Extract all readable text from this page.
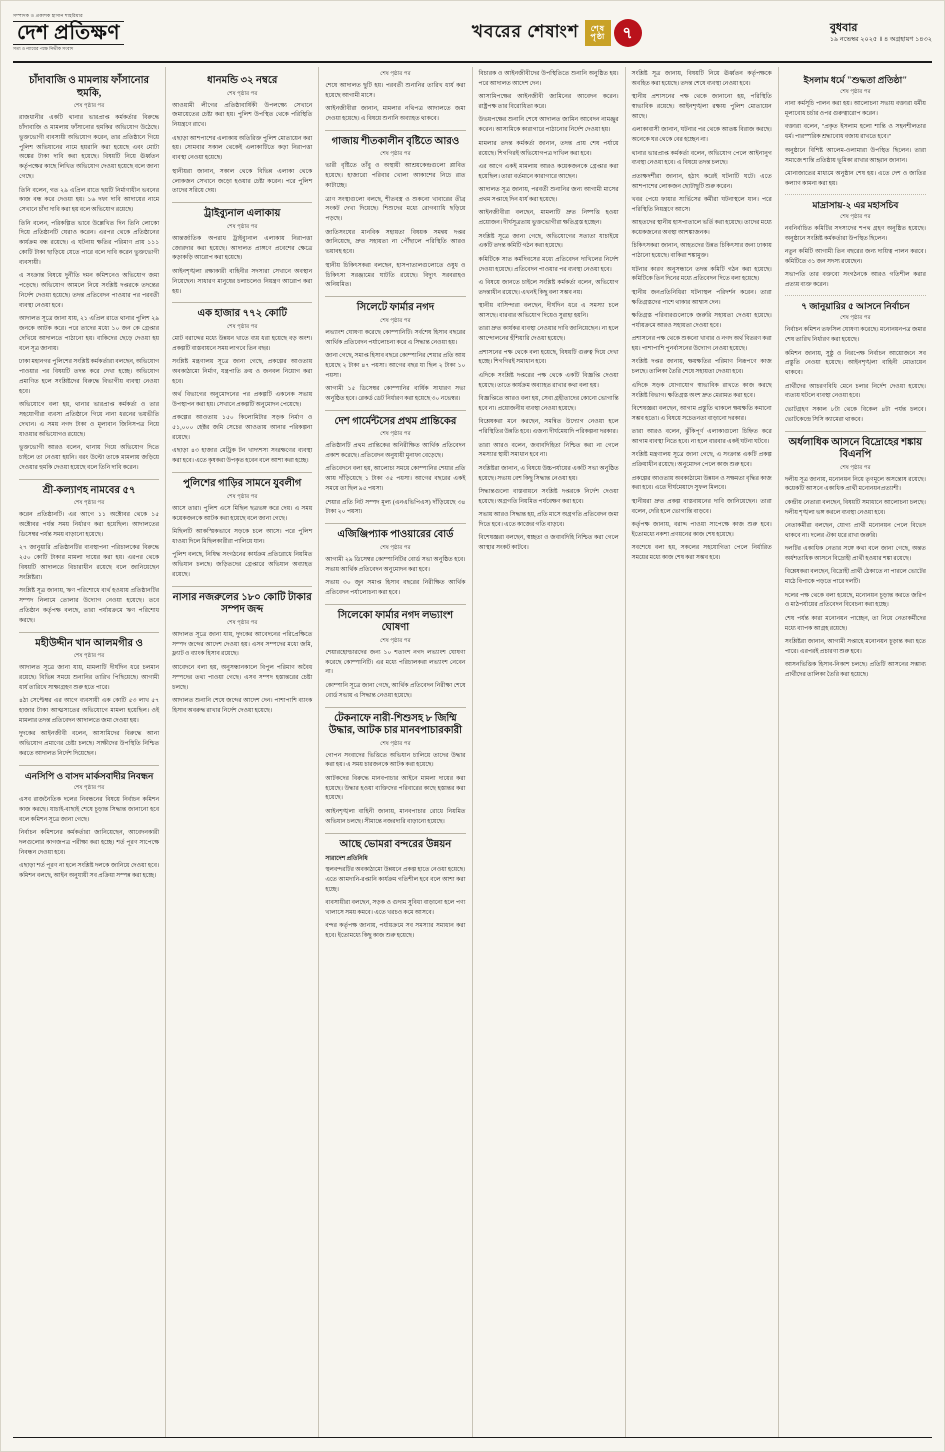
সম্পাদক ও প্রকাশক হাসান শাহরিয়ার
দেশ প্রতিক্ষণ
সত্য ও ন্যায়ের পক্ষে নির্ভীক সংবাদ
খবরের শেষাংশ	শেষ পৃষ্ঠা	৭	বুধবার
১৯ নভেম্বর ২০২৫ ॥ ৪ অগ্রহায়ণ ১৪৩২
চাঁদাবাজি ও মামলায় ফাঁসানোর হুমকি,
শেষ পৃষ্ঠার পর

রাজধানীর একটি থানার ভারপ্রাপ্ত কর্মকর্তার বিরুদ্ধে চাঁদাবাজি ও মামলায় ফাঁসানোর হুমকির অভিযোগ উঠেছে। ভুক্তভোগী ব্যবসায়ী অভিযোগ করেন, তার প্রতিষ্ঠানে গিয়ে পুলিশ অভিযানের নামে হয়রানি করা হয়েছে এবং মোটা অঙ্কের টাকা দাবি করা হয়েছে। বিষয়টি নিয়ে ঊর্ধ্বতন কর্তৃপক্ষের কাছে লিখিত অভিযোগ দেওয়া হয়েছে বলে জানা গেছে।

তিনি বলেন, গত ২৯ এপ্রিল রাতে ছয়টি নির্মাণাধীন ভবনের কাজ বন্ধ করে দেওয়া হয়। ১৬ দফা দাবি আদায়ের নামে সেখানে চাঁদা দাবি করা হয় বলে অভিযোগ রয়েছে।

তিনি বলেন, পরিকল্পিত ভাবে উল্লেখিত দিন তিনি লোকো দিয়ে প্রতিষ্ঠানটি ঘেরাও করেন। এরপর থেকে প্রতিষ্ঠানের কার্যক্রম বন্ধ রয়েছে। এ ঘটনায় ক্ষতির পরিমাণ প্রায় ১১১ কোটি টাকা ছাড়িয়ে যেতে পারে বলে দাবি করেন ভুক্তভোগী ব্যবসায়ী।

এ সংক্রান্ত বিষয়ে দুর্নীতি দমন কমিশনেও অভিযোগ জমা পড়েছে। অভিযোগ আমলে নিয়ে সংশ্লিষ্ট দপ্তরকে তদন্তের নির্দেশ দেওয়া হয়েছে। তদন্ত প্রতিবেদন পাওয়ার পর পরবর্তী ব্যবস্থা নেওয়া হবে।

আদালত সূত্রে জানা যায়, ২১ এপ্রিল রাতে থানার পুলিশ ২৯ জনকে আটক করে। পরে তাদের মধ্যে ১০ জন কে গ্রেপ্তার দেখিয়ে আদালতে পাঠানো হয়। বাকিদের ছেড়ে দেওয়া হয় বলে সূত্র জানায়।

ঢাকা মহানগর পুলিশের সংশ্লিষ্ট কর্মকর্তারা বলছেন, অভিযোগ পাওয়ার পর বিষয়টি তদন্ত করে দেখা হচ্ছে। অভিযোগ প্রমাণিত হলে সংশ্লিষ্টদের বিরুদ্ধে বিভাগীয় ব্যবস্থা নেওয়া হবে।

অভিযোগে বলা হয়, থানার ভারপ্রাপ্ত কর্মকর্তা ও তার সহযোগীরা ব্যবসা প্রতিষ্ঠানে গিয়ে নানা ধরনের ভয়ভীতি দেখান। এ সময় নগদ টাকা ও মূল্যবান জিনিসপত্র নিয়ে যাওয়ার অভিযোগও রয়েছে।

ভুক্তভোগী আরও বলেন, থানায় গিয়ে অভিযোগ দিতে চাইলে তা নেওয়া হয়নি। বরং উল্টো তাকে মামলায় জড়িয়ে দেওয়ার হুমকি দেওয়া হয়েছে বলে তিনি দাবি করেন।

শ্রী-কল্যাণহ নামবের ৫৭
শেষ পৃষ্ঠার পর

করেন প্রতিষ্ঠানটি। এর আগে ১১ অক্টোবর থেকে ১৫ অক্টোবর পর্যন্ত সময় নির্ধারণ করা হয়েছিল। আদালতের ডিসেম্বর পর্যন্ত সময় বাড়ানো হয়েছে।

২৭ জানুয়ারি প্রতিষ্ঠানটির ব্যবস্থাপনা পরিচালকের বিরুদ্ধে ২৫০ কোটি টাকার মামলা দায়ের করা হয়। এরপর থেকে বিষয়টি আদালতে বিচারাধীন রয়েছে বলে জানিয়েছেন সংশ্লিষ্টরা।

সংশ্লিষ্ট সূত্র জানায়, ঋণ পরিশোধে ব্যর্থ হওয়ায় প্রতিষ্ঠানটির সম্পদ নিলামে তোলার উদ্যোগ নেওয়া হয়েছে। তবে প্রতিষ্ঠান কর্তৃপক্ষ বলছে, তারা পর্যায়ক্রমে ঋণ পরিশোধ করছে।

মহীউদ্দীন খান আলমগীর ও
শেষ পৃষ্ঠার পর

আদালত সূত্রে জানা যায়, মামলাটি দীর্ঘদিন ধরে চলমান রয়েছে। বিভিন্ন সময়ে শুনানির তারিখ পিছিয়েছে। আগামী ধার্য তারিখে সাক্ষ্যগ্রহণ শুরু হতে পারে।

৪ঠা সেপ্টেম্বর এর আগে ব্যবসায়ী এক কোটি ৫৩ লাখ ৫৭ হাজার টাকা আত্মসাতের অভিযোগে মামলা হয়েছিল। ওই মামলার তদন্ত প্রতিবেদন আদালতে জমা দেওয়া হয়।

দুদকের আইনজীবী বলেন, আসামিদের বিরুদ্ধে আনা অভিযোগ প্রমাণের চেষ্টা চলছে। সাক্ষীদের উপস্থিতি নিশ্চিত করতে আদালত নির্দেশ দিয়েছেন।

এনসিপি ও বাসদ মার্কসবাদীর নিবন্ধন
শেষ পৃষ্ঠার পর

এসব রাজনৈতিক দলের নিবন্ধনের বিষয়ে নির্বাচন কমিশন কাজ করছে। যাচাই-বাছাই শেষে চূড়ান্ত সিদ্ধান্ত জানানো হবে বলে কমিশন সূত্রে জানা গেছে।

নির্বাচন কমিশনের কর্মকর্তারা জানিয়েছেন, আবেদনকারী দলগুলোর কাগজপত্র পরীক্ষা করা হচ্ছে। শর্ত পূরণ সাপেক্ষে নিবন্ধন দেওয়া হবে।

এছাড়া শর্ত পূরণ না হলে সংশ্লিষ্ট দলকে জানিয়ে দেওয়া হবে। কমিশন বলছে, আইন অনুযায়ী সব প্রক্রিয়া সম্পন্ন করা হচ্ছে।

ধানমন্ডি ৩২ নম্বরে
শেষ পৃষ্ঠার পর

আওয়ামী লীগের প্রতিষ্ঠাবার্ষিকী উপলক্ষ্যে সেখানে জমায়েতের চেষ্টা করা হয়। পুলিশ উপস্থিত থেকে পরিস্থিতি নিয়ন্ত্রণে রাখে।

এছাড়া আশপাশের এলাকায় অতিরিক্ত পুলিশ মোতায়েন করা হয়। সোমবার সকাল থেকেই এলাকাটিতে কড়া নিরাপত্তা ব্যবস্থা নেওয়া হয়েছে।

স্থানীয়রা জানান, সকাল থেকে বিভিন্ন এলাকা থেকে লোকজন সেখানে জড়ো হওয়ার চেষ্টা করেন। পরে পুলিশ তাদের সরিয়ে দেয়।

ট্রাইব্যুনাল এলাকায়
শেষ পৃষ্ঠার পর

আন্তর্জাতিক অপরাধ ট্রাইব্যুনাল এলাকায় নিরাপত্তা জোরদার করা হয়েছে। আদালত প্রাঙ্গণে প্রবেশের ক্ষেত্রে কড়াকড়ি আরোপ করা হয়েছে।

আইনশৃঙ্খলা রক্ষাকারী বাহিনীর সদস্যরা সেখানে অবস্থান নিয়েছেন। সাধারণ মানুষের চলাচলেও নিয়ন্ত্রণ আরোপ করা হয়।

এক হাজার ৭৭২ কোটি
শেষ পৃষ্ঠার পর

মোট বরাদ্দের মধ্যে উন্নয়ন খাতে ব্যয় ধরা হয়েছে বড় অংশ। প্রকল্পটি বাস্তবায়নে সময় লাগবে তিন বছর।

সংশ্লিষ্ট মন্ত্রণালয় সূত্রে জানা গেছে, প্রকল্পের আওতায় অবকাঠামো নির্মাণ, যন্ত্রপাতি ক্রয় ও জনবল নিয়োগ করা হবে।

অর্থ বিভাগের অনুমোদনের পর প্রকল্পটি একনেক সভায় উপস্থাপন করা হয়। সেখানে প্রকল্পটি অনুমোদন পেয়েছে।

প্রকল্পের আওতায় ১৫০ কিলোমিটার সড়ক নির্মাণ ও ৫১,০০০ হেক্টর জমি সেচের আওতায় আনার পরিকল্পনা রয়েছে।

এছাড়া ৪৩ হাজার মেট্রিক টন খাদ্যশস্য সংরক্ষণের ব্যবস্থা করা হবে। এতে কৃষকরা উপকৃত হবেন বলে আশা করা হচ্ছে।

পুলিশের গাড়ির সামনে যুবলীগ
শেষ পৃষ্ঠার পর

আসে তারা। পুলিশ এসে মিছিল ছত্রভঙ্গ করে দেয়। এ সময় কয়েকজনকে আটক করা হয়েছে বলে জানা গেছে।

মিছিলটি আকস্মিকভাবে সড়কে চলে আসে। পরে পুলিশ ধাওয়া দিলে মিছিলকারীরা পালিয়ে যান।

পুলিশ বলছে, নিষিদ্ধ সংগঠনের কার্যক্রম প্রতিরোধে নিয়মিত অভিযান চলছে। জড়িতদের গ্রেপ্তারে অভিযান অব্যাহত রয়েছে।

নাসার নজরুলের ১৮০ কোটি টাকার সম্পদ জব্দ
শেষ পৃষ্ঠার পর

আদালত সূত্রে জানা যায়, দুদকের আবেদনের পরিপ্রেক্ষিতে সম্পদ জব্দের আদেশ দেওয়া হয়। এসব সম্পদের মধ্যে জমি, ফ্ল্যাট ও ব্যাংক হিসাব রয়েছে।

আবেদনে বলা হয়, অনুসন্ধানকালে বিপুল পরিমাণ অবৈধ সম্পদের তথ্য পাওয়া গেছে। এসব সম্পদ হস্তান্তরের চেষ্টা চলছে।

আদালত শুনানি শেষে জব্দের আদেশ দেন। পাশাপাশি ব্যাংক হিসাব অবরুদ্ধ রাখার নির্দেশ দেওয়া হয়েছে।

শেষ পৃষ্ঠার পর

শেষে আদালত ছুটি হয়। পরবর্তী শুনানির তারিখ ধার্য করা হয়েছে আগামী মাসে।

আইনজীবীরা জানান, মামলার নথিপত্র আদালতে জমা দেওয়া হয়েছে। এ বিষয়ে শুনানি অব্যাহত থাকবে।

গাজায় শীতকালীন বৃষ্টিতে আরও
শেষ পৃষ্ঠার পর

ভারী বৃষ্টিতে তাঁবু ও অস্থায়ী আশ্রয়কেন্দ্রগুলো প্লাবিত হয়েছে। হাজারো পরিবার খোলা আকাশের নিচে রাত কাটাচ্ছে।

ত্রাণ সংস্থাগুলো বলছে, শীতবস্ত্র ও শুকনো খাবারের তীব্র সংকট দেখা দিয়েছে। শিশুদের মধ্যে রোগব্যাধি ছড়িয়ে পড়ছে।

জাতিসংঘের মানবিক সহায়তা বিষয়ক সমন্বয় দপ্তর জানিয়েছে, দ্রুত সহায়তা না পৌঁছালে পরিস্থিতি আরও ভয়াবহ হবে।

স্থানীয় চিকিৎসকরা বলছেন, হাসপাতালগুলোতে ওষুধ ও চিকিৎসা সরঞ্জামের ঘাটতি রয়েছে। বিদ্যুৎ সরবরাহও অনিয়মিত।

সিলেটে ফার্মার নগদ
শেষ পৃষ্ঠার পর

লভ্যাংশ ঘোষণা করেছে কোম্পানিটি। সর্বশেষ হিসাব বছরের আর্থিক প্রতিবেদন পর্যালোচনা করে এ সিদ্ধান্ত নেওয়া হয়।

জানা গেছে, সমাপ্ত হিসাব বছরে কোম্পানির শেয়ার প্রতি আয় হয়েছে ২ টাকা ৪৭ পয়সা। আগের বছর যা ছিল ২ টাকা ১০ পয়সা।

আগামী ১৫ ডিসেম্বর কোম্পানির বার্ষিক সাধারণ সভা অনুষ্ঠিত হবে। রেকর্ড ডেট নির্ধারণ করা হয়েছে ৩০ নভেম্বর।

দেশ গার্মেন্টসের প্রথম প্রান্তিকের
শেষ পৃষ্ঠার পর

প্রতিষ্ঠানটি প্রথম প্রান্তিকের অনিরীক্ষিত আর্থিক প্রতিবেদন প্রকাশ করেছে। প্রতিবেদন অনুযায়ী মুনাফা বেড়েছে।

প্রতিবেদনে বলা হয়, আলোচ্য সময়ে কোম্পানির শেয়ার প্রতি আয় দাঁড়িয়েছে ১ টাকা ৩৫ পয়সা। আগের বছরের একই সময়ে তা ছিল ৯৫ পয়সা।

শেয়ার প্রতি নিট সম্পদ মূল্য (এনএভিপিএস) দাঁড়িয়েছে ৩৪ টাকা ২০ পয়সা।

এজিঞ্জিপ্যাক পাওয়ারের বোর্ড
শেষ পৃষ্ঠার পর

আগামী ২৯ ডিসেম্বর কোম্পানিটির বোর্ড সভা অনুষ্ঠিত হবে। সভায় আর্থিক প্রতিবেদন অনুমোদন করা হবে।

সভায় ৩০ জুন সমাপ্ত হিসাব বছরের নিরীক্ষিত আর্থিক প্রতিবেদন পর্যালোচনা করা হবে।

সিলেকো ফার্মার নগদ লভ্যাংশ ঘোষণা
শেষ পৃষ্ঠার পর

শেয়ারহোল্ডারদের জন্য ১০ শতাংশ নগদ লভ্যাংশ ঘোষণা করেছে কোম্পানিটি। এর মধ্যে পরিচালকরা লভ্যাংশ নেবেন না।

কোম্পানি সূত্রে জানা গেছে, আর্থিক প্রতিবেদন নিরীক্ষা শেষে বোর্ড সভায় এ সিদ্ধান্ত নেওয়া হয়েছে।

টেকনাফে নারী-শিশুসহ ৮ জিম্মি উদ্ধার, আটক চার মানবপাচারকারী
শেষ পৃষ্ঠার পর

গোপন সংবাদের ভিত্তিতে অভিযান চালিয়ে তাদের উদ্ধার করা হয়। এ সময় চারজনকে আটক করা হয়েছে।

আটকদের বিরুদ্ধে মানবপাচার আইনে মামলা দায়ের করা হয়েছে। উদ্ধার হওয়া ব্যক্তিদের পরিবারের কাছে হস্তান্তর করা হয়েছে।

আইনশৃঙ্খলা বাহিনী জানায়, মানবপাচার রোধে নিয়মিত অভিযান চলছে। সীমান্তে নজরদারি বাড়ানো হয়েছে।

আছে ভোমরা বন্দরের উন্নয়ন
সারাদেশ প্রতিনিধি

স্থলবন্দরটির অবকাঠামো উন্নয়নে প্রকল্প হাতে নেওয়া হয়েছে। এতে আমদানি-রপ্তানি কার্যক্রম গতিশীল হবে বলে আশা করা হচ্ছে।

ব্যবসায়ীরা বলছেন, সড়ক ও গুদাম সুবিধা বাড়ানো হলে পণ্য খালাসে সময় কমবে। এতে খরচও কমে আসবে।

বন্দর কর্তৃপক্ষ জানায়, পর্যায়ক্রমে সব সমস্যার সমাধান করা হবে। ইতোমধ্যে কিছু কাজ শুরু হয়েছে।

বিচারক ও আইনজীবীদের উপস্থিতিতে শুনানি অনুষ্ঠিত হয়। পরে আদালত আদেশ দেন।

আসামিপক্ষের আইনজীবী জামিনের আবেদন করেন। রাষ্ট্রপক্ষ তার বিরোধিতা করে।

উভয়পক্ষের শুনানি শেষে আদালত জামিন আবেদন নামঞ্জুর করেন। আসামিকে কারাগারে পাঠানোর নির্দেশ দেওয়া হয়।

মামলার তদন্ত কর্মকর্তা জানান, তদন্ত প্রায় শেষ পর্যায়ে রয়েছে। শিগগিরই অভিযোগপত্র দাখিল করা হবে।

এর আগে একই মামলায় আরও কয়েকজনকে গ্রেপ্তার করা হয়েছিল। তারা বর্তমানে কারাগারে আছেন।

আদালত সূত্র জানায়, পরবর্তী শুনানির জন্য আগামী মাসের প্রথম সপ্তাহে দিন ধার্য করা হয়েছে।

আইনজীবীরা বলছেন, মামলাটি দ্রুত নিষ্পত্তি হওয়া প্রয়োজন। দীর্ঘসূত্রতায় ভুক্তভোগীরা ক্ষতিগ্রস্ত হচ্ছেন।

সংশ্লিষ্ট সূত্রে জানা গেছে, অভিযোগের সত্যতা যাচাইয়ে একটি তদন্ত কমিটি গঠন করা হয়েছে।

কমিটিকে সাত কর্মদিবসের মধ্যে প্রতিবেদন দাখিলের নির্দেশ দেওয়া হয়েছে। প্রতিবেদন পাওয়ার পর ব্যবস্থা নেওয়া হবে।

এ বিষয়ে জানতে চাইলে সংশ্লিষ্ট কর্মকর্তা বলেন, অভিযোগ তদন্তাধীন রয়েছে। এখনই কিছু বলা সম্ভব নয়।

স্থানীয় বাসিন্দারা বলছেন, দীর্ঘদিন ধরে এ সমস্যা চলে আসছে। বারবার অভিযোগ দিয়েও সুরাহা হয়নি।

তারা দ্রুত কার্যকর ব্যবস্থা নেওয়ার দাবি জানিয়েছেন। না হলে আন্দোলনের হুঁশিয়ারি দেওয়া হয়েছে।

প্রশাসনের পক্ষ থেকে বলা হয়েছে, বিষয়টি গুরুত্ব দিয়ে দেখা হচ্ছে। শিগগিরই সমাধান হবে।

এদিকে সংশ্লিষ্ট দপ্তরের পক্ষ থেকে একটি বিজ্ঞপ্তি দেওয়া হয়েছে। তাতে কার্যক্রম অব্যাহত রাখার কথা বলা হয়।

বিজ্ঞপ্তিতে আরও বলা হয়, সেবা গ্রহীতাদের কোনো ভোগান্তি হবে না। প্রয়োজনীয় ব্যবস্থা নেওয়া হয়েছে।

বিশ্লেষকরা মনে করছেন, সমন্বিত উদ্যোগ নেওয়া হলে পরিস্থিতির উন্নতি হবে। এজন্য দীর্ঘমেয়াদি পরিকল্পনা দরকার।

তারা আরও বলেন, জবাবদিহিতা নিশ্চিত করা না গেলে সমস্যার স্থায়ী সমাধান হবে না।

সংশ্লিষ্টরা জানান, এ বিষয়ে উচ্চপর্যায়ের একটি সভা অনুষ্ঠিত হয়েছে। সভায় বেশ কিছু সিদ্ধান্ত নেওয়া হয়।

সিদ্ধান্তগুলো বাস্তবায়নে সংশ্লিষ্ট দপ্তরকে নির্দেশ দেওয়া হয়েছে। অগ্রগতি নিয়মিত পর্যবেক্ষণ করা হবে।

সভায় আরও সিদ্ধান্ত হয়, প্রতি মাসে অগ্রগতি প্রতিবেদন জমা দিতে হবে। এতে কাজের গতি বাড়বে।

বিশেষজ্ঞরা বলছেন, স্বচ্ছতা ও জবাবদিহি নিশ্চিত করা গেলে আস্থার সংকট কাটবে।

সংশ্লিষ্ট সূত্র জানায়, বিষয়টি নিয়ে ঊর্ধ্বতন কর্তৃপক্ষকে অবহিত করা হয়েছে। তদন্ত শেষে ব্যবস্থা নেওয়া হবে।

স্থানীয় প্রশাসনের পক্ষ থেকে জানানো হয়, পরিস্থিতি স্বাভাবিক রয়েছে। আইনশৃঙ্খলা রক্ষায় পুলিশ মোতায়েন আছে।

এলাকাবাসী জানান, ঘটনার পর থেকে আতঙ্ক বিরাজ করছে। অনেকে ঘর থেকে বের হচ্ছেন না।

থানার ভারপ্রাপ্ত কর্মকর্তা বলেন, অভিযোগ পেলে আইনানুগ ব্যবস্থা নেওয়া হবে। এ বিষয়ে তদন্ত চলছে।

প্রত্যক্ষদর্শীরা জানান, হঠাৎ করেই ঘটনাটি ঘটে। এতে আশপাশের লোকজন ছোটাছুটি শুরু করেন।

খবর পেয়ে ফায়ার সার্ভিসের কর্মীরা ঘটনাস্থলে যান। পরে পরিস্থিতি নিয়ন্ত্রণে আসে।

আহতদের স্থানীয় হাসপাতালে ভর্তি করা হয়েছে। তাদের মধ্যে কয়েকজনের অবস্থা আশঙ্কাজনক।

চিকিৎসকরা জানান, আহতদের উন্নত চিকিৎসার জন্য ঢাকায় পাঠানো হয়েছে। বাকিরা শঙ্কামুক্ত।

ঘটনার কারণ অনুসন্ধানে তদন্ত কমিটি গঠন করা হয়েছে। কমিটিকে তিন দিনের মধ্যে প্রতিবেদন দিতে বলা হয়েছে।

স্থানীয় জনপ্রতিনিধিরা ঘটনাস্থল পরিদর্শন করেন। তারা ক্ষতিগ্রস্তদের পাশে থাকার আশ্বাস দেন।

ক্ষতিগ্রস্ত পরিবারগুলোকে জরুরি সহায়তা দেওয়া হয়েছে। পর্যায়ক্রমে আরও সহায়তা দেওয়া হবে।

প্রশাসনের পক্ষ থেকে শুকনো খাবার ও নগদ অর্থ বিতরণ করা হয়। পাশাপাশি পুনর্বাসনের উদ্যোগ নেওয়া হয়েছে।

সংশ্লিষ্ট দপ্তর জানায়, ক্ষয়ক্ষতির পরিমাণ নিরূপণে কাজ চলছে। তালিকা তৈরি শেষে সহায়তা দেওয়া হবে।

এদিকে সড়ক যোগাযোগ স্বাভাবিক রাখতে কাজ করছে সংশ্লিষ্ট বিভাগ। ক্ষতিগ্রস্ত অংশ দ্রুত মেরামত করা হবে।

বিশেষজ্ঞরা বলছেন, আগাম প্রস্তুতি থাকলে ক্ষয়ক্ষতি কমানো সম্ভব হতো। এ বিষয়ে সচেতনতা বাড়ানো দরকার।

তারা আরও বলেন, ঝুঁকিপূর্ণ এলাকাগুলো চিহ্নিত করে আগাম ব্যবস্থা নিতে হবে। না হলে বারবার একই ঘটনা ঘটবে।

সংশ্লিষ্ট মন্ত্রণালয় সূত্রে জানা গেছে, এ সংক্রান্ত একটি প্রকল্প প্রক্রিয়াধীন রয়েছে। অনুমোদন পেলে কাজ শুরু হবে।

প্রকল্পের আওতায় অবকাঠামো উন্নয়ন ও সক্ষমতা বৃদ্ধির কাজ করা হবে। এতে দীর্ঘমেয়াদে সুফল মিলবে।

স্থানীয়রা দ্রুত প্রকল্প বাস্তবায়নের দাবি জানিয়েছেন। তারা বলেন, দেরি হলে ভোগান্তি বাড়বে।

কর্তৃপক্ষ জানায়, বরাদ্দ পাওয়া সাপেক্ষে কাজ শুরু হবে। ইতোমধ্যে নকশা প্রণয়নের কাজ শেষ হয়েছে।

সবশেষে বলা হয়, সকলের সহযোগিতা পেলে নির্ধারিত সময়ের মধ্যে কাজ শেষ করা সম্ভব হবে।

ইসলাম ধর্মে "শুদ্ধতা প্রতিষ্ঠা"
শেষ পৃষ্ঠার পর

নানা কর্মসূচি পালন করা হয়। আলোচনা সভায় বক্তারা ধর্মীয় মূল্যবোধ চর্চার ওপর গুরুত্বারোপ করেন।

বক্তারা বলেন, "প্রকৃত ইসলাম হলো শান্তি ও সহনশীলতার ধর্ম। পারস্পরিক শ্রদ্ধাবোধ বজায় রাখতে হবে।"

অনুষ্ঠানে বিশিষ্ট আলেম-ওলামারা উপস্থিত ছিলেন। তারা সমাজে শান্তি প্রতিষ্ঠায় ভূমিকা রাখার আহ্বান জানান।

মোনাজাতের মাধ্যমে অনুষ্ঠান শেষ হয়। এতে দেশ ও জাতির কল্যাণ কামনা করা হয়।

মাদ্রাসায়-২ এর মহাসচিব
শেষ পৃষ্ঠার পর

নবনির্বাচিত কমিটির সদস্যদের শপথ গ্রহণ অনুষ্ঠিত হয়েছে। অনুষ্ঠানে সংশ্লিষ্ট কর্মকর্তারা উপস্থিত ছিলেন।

নতুন কমিটি আগামী তিন বছরের জন্য দায়িত্ব পালন করবে। কমিটিতে ৩১ জন সদস্য রয়েছেন।

সভাপতি তার বক্তব্যে সংগঠনকে আরও গতিশীল করার প্রত্যয় ব্যক্ত করেন।

৭ জানুয়ারির ৫ আসনে নির্বাচন
শেষ পৃষ্ঠার পর

নির্বাচন কমিশন তফসিল ঘোষণা করেছে। মনোনয়নপত্র জমার শেষ তারিখ নির্ধারণ করা হয়েছে।

কমিশন জানায়, সুষ্ঠু ও নিরপেক্ষ নির্বাচন আয়োজনে সব প্রস্তুতি নেওয়া হয়েছে। আইনশৃঙ্খলা বাহিনী মোতায়েন থাকবে।

প্রার্থীদের আচরণবিধি মেনে চলার নির্দেশ দেওয়া হয়েছে। ব্যত্যয় ঘটলে ব্যবস্থা নেওয়া হবে।

ভোটগ্রহণ সকাল ৮টা থেকে বিকেল ৪টা পর্যন্ত চলবে। ভোটকেন্দ্রে সিসি ক্যামেরা থাকবে।

অর্ধলাধিক আসনে বিদ্রোহের শঙ্কায় বিএনপি
শেষ পৃষ্ঠার পর

দলীয় সূত্র জানায়, মনোনয়ন নিয়ে তৃণমূলে অসন্তোষ রয়েছে। কয়েকটি আসনে একাধিক প্রার্থী মনোনয়নপ্রত্যাশী।

কেন্দ্রীয় নেতারা বলছেন, বিষয়টি সমাধানে আলোচনা চলছে। দলীয় শৃঙ্খলা ভঙ্গ করলে ব্যবস্থা নেওয়া হবে।

নেতাকর্মীরা বলছেন, যোগ্য প্রার্থী মনোনয়ন পেলে বিভেদ থাকবে না। দলের ঐক্য ধরে রাখা জরুরি।

দলটির একাধিক নেতার সঙ্গে কথা বলে জানা গেছে, অন্তত অর্ধশতাধিক আসনে বিদ্রোহী প্রার্থী হওয়ার শঙ্কা রয়েছে।

বিশ্লেষকরা বলছেন, বিদ্রোহী প্রার্থী ঠেকাতে না পারলে ভোটের মাঠে বিপাকে পড়তে পারে দলটি।

দলের পক্ষ থেকে বলা হয়েছে, মনোনয়ন চূড়ান্ত করতে জরিপ ও মাঠপর্যায়ের প্রতিবেদন বিবেচনা করা হচ্ছে।

শেষ পর্যন্ত কারা মনোনয়ন পাচ্ছেন, তা নিয়ে নেতাকর্মীদের মধ্যে ব্যাপক আগ্রহ রয়েছে।

সংশ্লিষ্টরা জানান, আগামী সপ্তাহে মনোনয়ন চূড়ান্ত করা হতে পারে। এরপরই প্রচারণা শুরু হবে।

আসনভিত্তিক হিসাব-নিকাশ চলছে। প্রতিটি আসনের সম্ভাব্য প্রার্থীদের তালিকা তৈরি করা হয়েছে।
